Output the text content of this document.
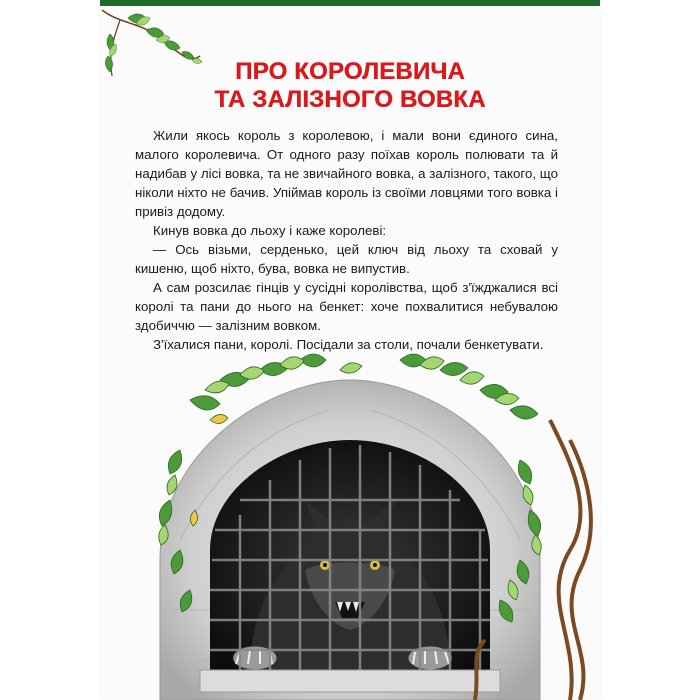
ПРО КОРОЛЕВИЧА
ТА ЗАЛІЗНОГО ВОВКА

Жили якось король з королевою, і мали вони єдиного сина, малого королевича. От одного разу поїхав король полювати та й надибав у лісі вовка, та не звичайного вовка, а залізного, такого, що ніколи ніхто не бачив. Упіймав король із своїми ловцями того вовка і привіз додому.

Кинув вовка до льоху і каже королеві:

— Ось візьми, серденько, цей ключ від льоху та сховай у кишеню, щоб ніхто, бува, вовка не випустив.

А сам розсилає гінців у сусідні королівства, щоб з'їжджалися всі королі та пани до нього на бенкет: хоче похвалитися небувалою здобиччю — залізним вовком.

З'їхалися пани, королі. Посідали за столи, почали бенкетувати.
